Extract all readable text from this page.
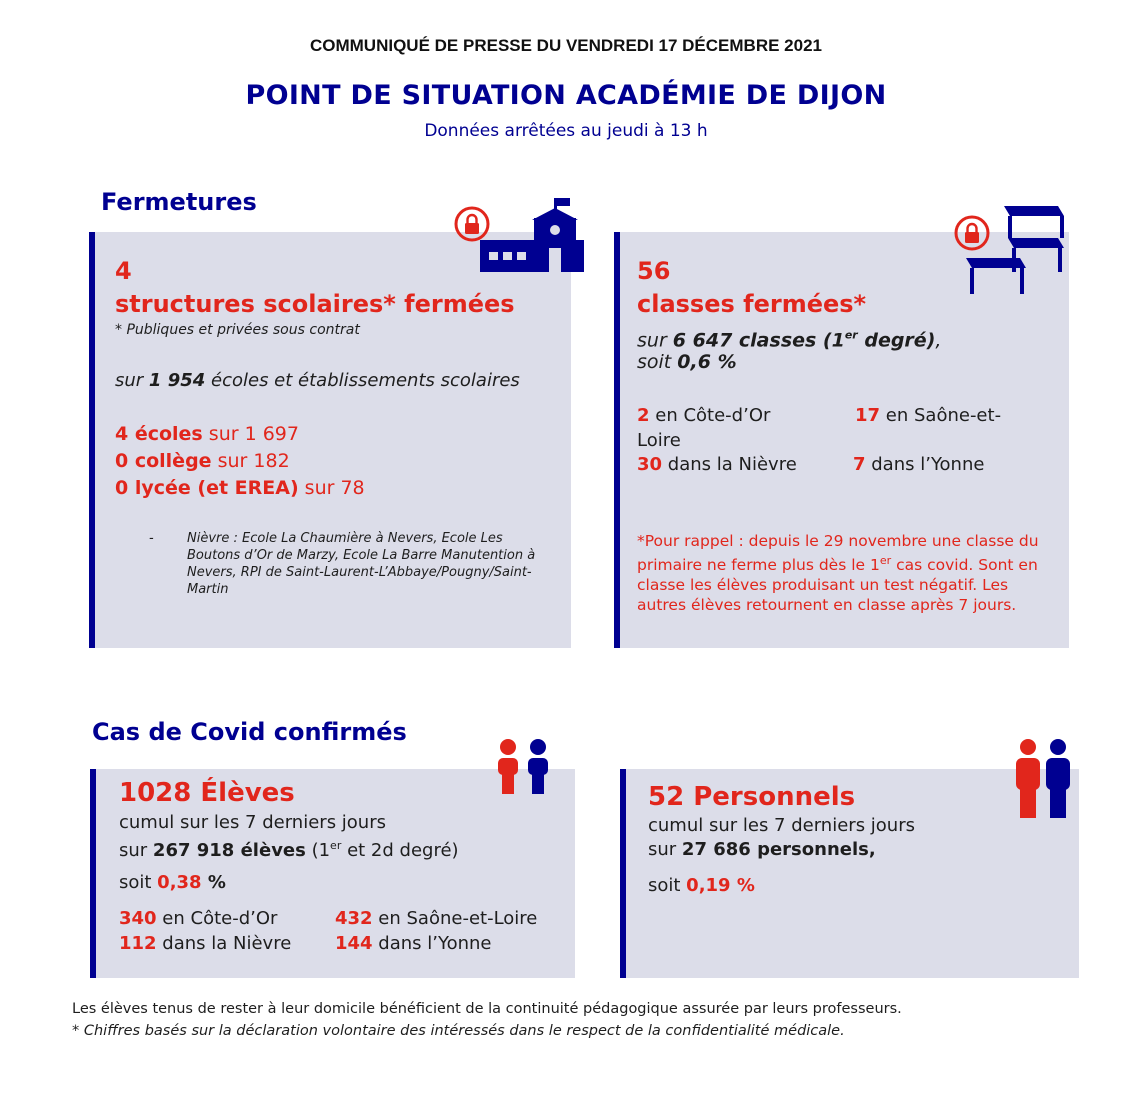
COMMUNIQUÉ DE PRESSE DU VENDREDI 17 DÉCEMBRE 2021
POINT DE SITUATION ACADÉMIE DE DIJON
Données arrêtées au jeudi à 13 h
Fermetures
4
structures scolaires* fermées
* Publiques et privées sous contrat
sur 1 954 écoles et établissements scolaires
4 écoles sur 1 697
0 collège sur 182
0 lycée (et EREA) sur 78
-	Nièvre : Ecole La Chaumière à Nevers, Ecole Les Boutons d’Or de Marzy, Ecole La Barre Manutention à Nevers, RPI de Saint-Laurent-L’Abbaye/Pougny/Saint-Martin
56
classes fermées*
sur 6 647 classes (1er degré),
soit 0,6 %
2 en Côte-d’Or	17 en Saône-et-
Loire
30 dans la Nièvre	7 dans l’Yonne
*Pour rappel : depuis le 29 novembre une classe du primaire ne ferme plus dès le 1er cas covid. Sont en classe les élèves produisant un test négatif. Les autres élèves retournent en classe après 7 jours.
Cas de Covid confirmés
1028 Élèves
cumul sur les 7 derniers jours
sur 267 918 élèves (1er et 2d degré)
soit 0,38 %
340 en Côte-d’Or	432 en Saône-et-Loire
112 dans la Nièvre 144 dans l’Yonne
52 Personnels
cumul sur les 7 derniers jours
sur 27 686 personnels,
soit 0,19 %
Les élèves tenus de rester à leur domicile bénéficient de la continuité pédagogique assurée par leurs professeurs.
* Chiffres basés sur la déclaration volontaire des intéressés dans le respect de la confidentialité médicale.
